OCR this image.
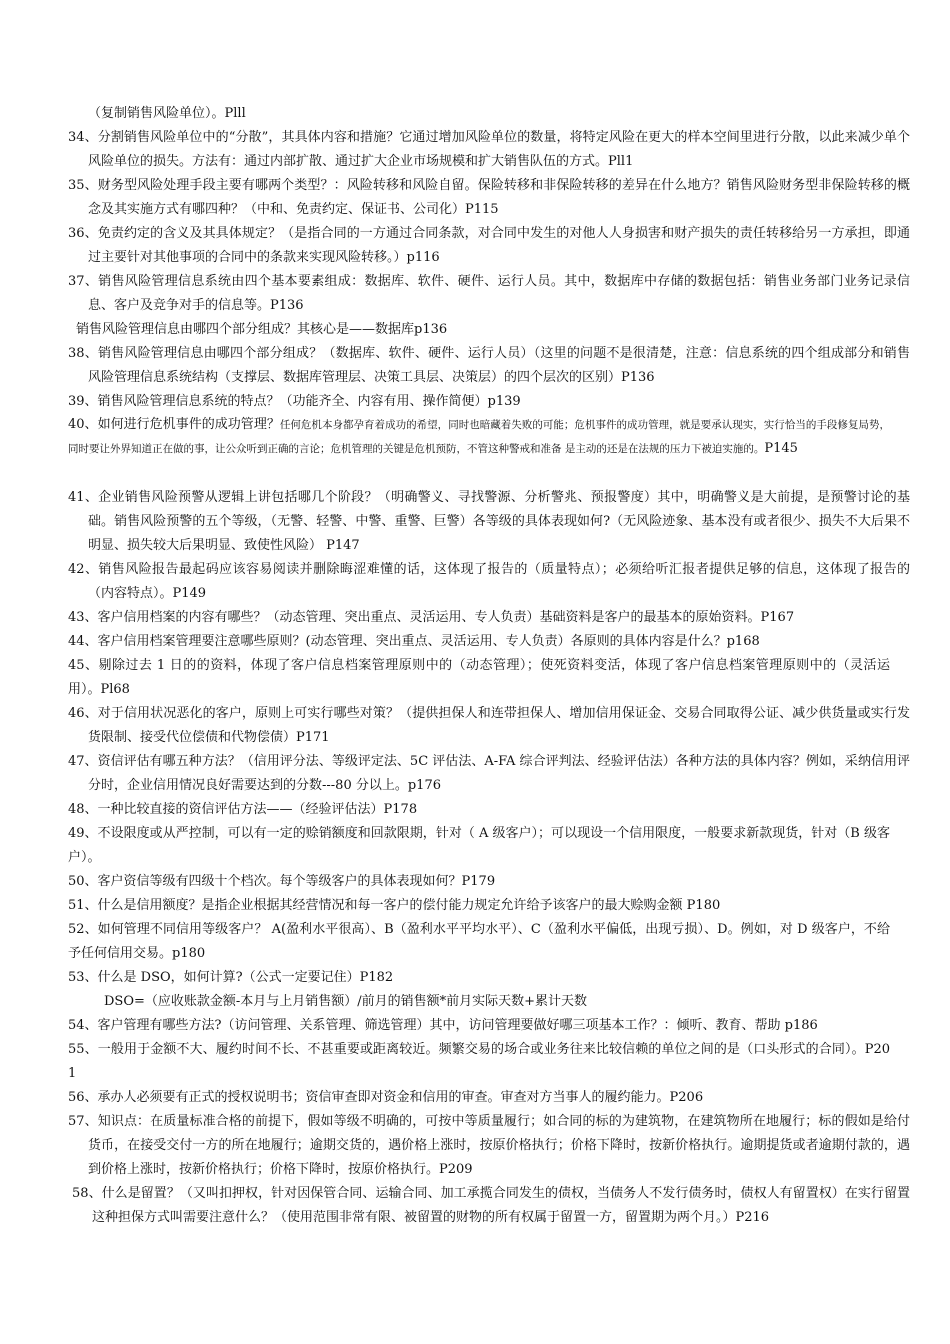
（复制销售风险单位）。Plll
34、分割销售风险单位中的“分散”，其具体内容和措施？它通过增加风险单位的数量，将特定风险在更大的样本空间里进行分散，以此来减少单个风险单位的损失。方法有：通过内部扩散、通过扩大企业市场规模和扩大销售队伍的方式。Pll1
35、财务型风险处理手段主要有哪两个类型？：风险转移和风险自留。保险转移和非保险转移的差异在什么地方？销售风险财务型非保险转移的概念及其实施方式有哪四种？（中和、免责约定、保证书、公司化）P115
36、免责约定的含义及其具体规定？（是指合同的一方通过合同条款，对合同中发生的对他人人身损害和财产损失的责任转移给另一方承担，即通过主要针对其他事项的合同中的条款来实现风险转移。）p116
37、销售风险管理信息系统由四个基本要素组成：数据库、软件、硬件、运行人员。其中，数据库中存储的数据包括：销售业务部门业务记录信息、客户及竞争对手的信息等。P136
销售风险管理信息由哪四个部分组成？其核心是——数据库p136
38、销售风险管理信息由哪四个部分组成？（数据库、软件、硬件、运行人员）（这里的问题不是很清楚，注意：信息系统的四个组成部分和销售风险管理信息系统结构（支撑层、数据库管理层、决策工具层、决策层）的四个层次的区别）P136
39、销售风险管理信息系统的特点？（功能齐全、内容有用、操作简便）p139
40、如何进行危机事件的成功管理？任何危机本身都孕育着成功的希望，同时也暗藏着失败的可能；危机事件的成功管理，就是要承认现实，实行恰当的手段修复局势，同时要让外界知道正在做的事，让公众听到正确的言论；危机管理的关键是危机预防，不管这种警戒和准备 是主动的还是在法规的压力下被迫实施的。P145
41、企业销售风险预警从逻辑上讲包括哪几个阶段？（明确警义、寻找警源、分析警兆、预报警度）其中，明确警义是大前提，是预警讨论的基础。销售风险预警的五个等级，（无警、轻警、中警、重警、巨警）各等级的具体表现如何?（无风险迹象、基本没有或者很少、损失不大后果不明显、损失较大后果明显、致使性风险） P147
42、销售风险报告最起码应该容易阅读并删除晦涩难懂的话，这体现了报告的（质量特点）；必须给听汇报者提供足够的信息，这体现了报告的（内容特点）。P149
43、客户信用档案的内容有哪些？（动态管理、突出重点、灵活运用、专人负责）基础资料是客户的最基本的原始资料。P167
44、客户信用档案管理要注意哪些原则？(动态管理、突出重点、灵活运用、专人负责）各原则的具体内容是什么？p168
45、剔除过去 1 日的的资料，体现了客户信息档案管理原则中的（动态管理）；使死资料变活，体现了客户信息档案管理原则中的（灵活运用）。Pl68
46、对于信用状况恶化的客户，原则上可实行哪些对策？（提供担保人和连带担保人、增加信用保证金、交易合同取得公证、减少供货量或实行发货限制、接受代位偿债和代物偿债）P171
47、资信评估有哪五种方法？（信用评分法、等级评定法、5C 评估法、A-FA 综合评判法、经验评估法）各种方法的具体内容？例如，采纳信用评分时，企业信用情况良好需要达到的分数---80 分以上。p176
48、一种比较直接的资信评估方法——（经验评估法）P178
49、不设限度或从严控制，可以有一定的赊销额度和回款限期，针对（ A 级客户）；可以现设一个信用限度，一般要求新款现货，针对（B 级客户）。
50、客户资信等级有四级十个档次。每个等级客户的具体表现如何？P179
51、什么是信用额度？是指企业根据其经营情况和每一客户的偿付能力规定允许给予该客户的最大赊购金额 P180
52、如何管理不同信用等级客户？ A(盈利水平很高）、B（盈利水平平均水平）、C（盈利水平偏低，出现亏损）、D。例如，对 D 级客户，不给予任何信用交易。p180
53、什么是 DSO，如何计算?（公式一定要记住）P182
DSO=（应收账款金额-本月与上月销售额）/前月的销售额*前月实际天数+累计天数
54、客户管理有哪些方法?（访问管理、关系管理、筛选管理）其中，访问管理要做好哪三项基本工作？：倾听、教育、帮助 p186
55、一般用于金额不大、履约时间不长、不甚重要或距离较近。频繁交易的场合或业务往来比较信赖的单位之间的是（口头形式的合同）。P201
56、承办人必须要有正式的授权说明书；资信审查即对资金和信用的审查。审查对方当事人的履约能力。P206
57、知识点：在质量标准合格的前提下，假如等级不明确的，可按中等质量履行；如合同的标的为建筑物，在建筑物所在地履行；标的假如是给付货币，在接受交付一方的所在地履行；逾期交货的，遇价格上涨时，按原价格执行；价格下降时，按新价格执行。逾期提货或者逾期付款的，遇到价格上涨时，按新价格执行；价格下降时，按原价格执行。P209
58、什么是留置？（又叫扣押权，针对因保管合同、运输合同、加工承揽合同发生的债权，当债务人不发行债务时，债权人有留置权）在实行留置这种担保方式叫需要注意什么？（使用范围非常有限、被留置的财物的所有权属于留置一方，留置期为两个月。）P216
